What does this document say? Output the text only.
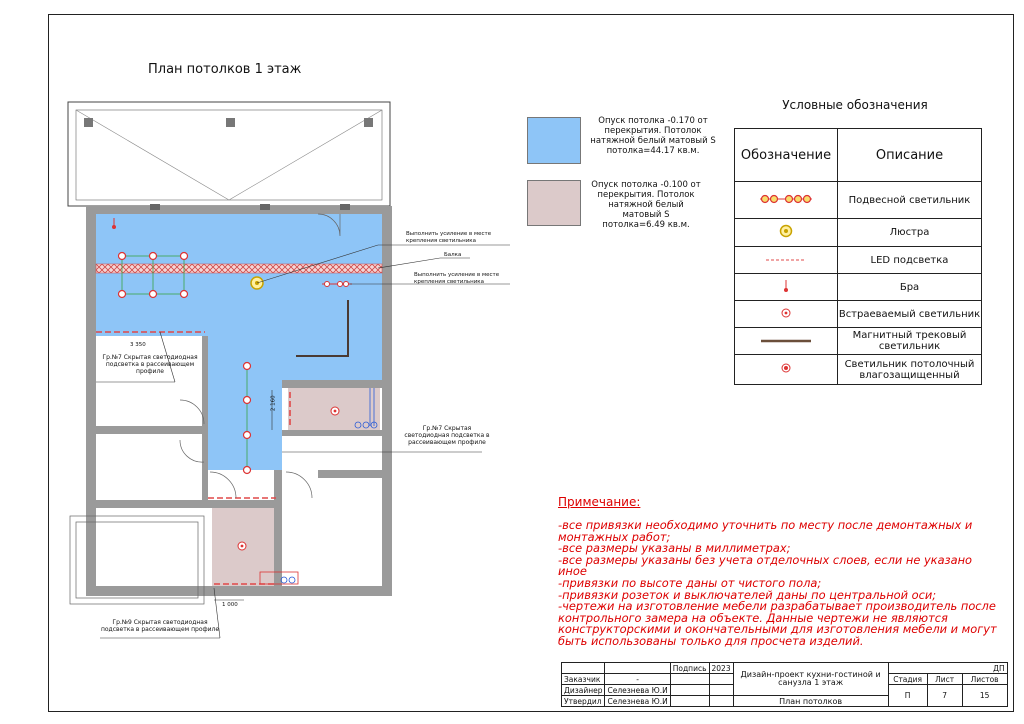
План потолков 1 этаж
Выполнить усиление в месте крепления светильника
Балка
Выполнить усиление в месте крепления светильника
Гр.№7 Скрытая светодиодная подсветка в рассеивающем профиле
Гр.№7 Скрытая светодиодная подсветка в рассеивающем профиле
Гр.№9 Скрытая светодиодная подсветка в рассеивающем профиле
3 350
2 160
1 000
Опуск потолка -0.170 от перекрытия. Потолок натяжной белый матовый S потолка=44.17 кв.м.
Опуск потолка -0.100 от перекрытия. Потолок натяжной белый матовый S потолка=6.49 кв.м.
Условные обозначения
Обозначение	Описание
	Подвесной светильник
	Люстра
	LED подсветка
	Бра
	Встраеваемый светильник
	Магнитный трековый светильник
	Светильник потолочный влагозащищенный
Примечание:
-все привязки необходимо уточнить по месту после демонтажных и монтажных работ;
-все размеры указаны в миллиметрах;
-все размеры указаны без учета отделочных слоев, если не указано иное
-привязки по высоте даны от чистого пола;
-привязки розеток и выключателей даны по центральной оси;
-чертежи на изготовление мебели разрабатывает производитель после контрольного замера на объекте. Данные чертежи не являются конструкторскими и окончательными для изготовления мебели и могут быть использованы только для просчета изделий.
		Подпись	2023	Дизайн-проект кухни-гостиной и санузла 1 этаж	ДП		
Заказчик	-				Стадия	Лист	Листов
Дизайнер	Селезнева Ю.И				П	7	15
Утвердил	Селезнева Ю.И			План потолков			
